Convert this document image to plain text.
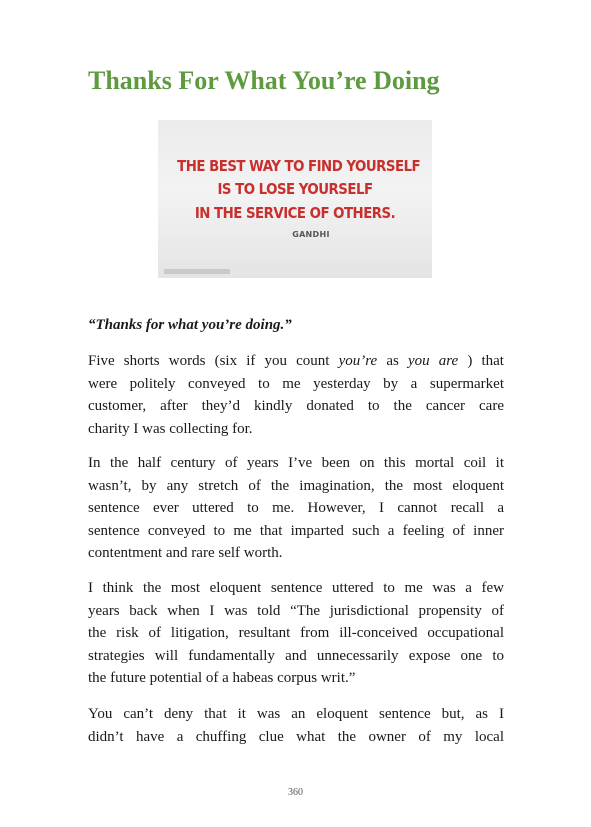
Thanks For What You’re Doing
THE BEST WAY TO FIND YOURSELF
IS TO LOSE YOURSELF
IN THE SERVICE OF OTHERS.
GANDHI

“Thanks for what you’re doing.”

Five shorts words (six if you count you’re as you are ) that
were politely conveyed to me yesterday by a supermarket
customer, after they’d kindly donated to the cancer care
charity I was collecting for.

In the half century of years I’ve been on this mortal coil it
wasn’t, by any stretch of the imagination, the most eloquent
sentence ever uttered to me. However, I cannot recall a
sentence conveyed to me that imparted such a feeling of inner
contentment and rare self worth.

I think the most eloquent sentence uttered to me was a few
years back when I was told “The jurisdictional propensity of
the risk of litigation, resultant from ill-conceived occupational
strategies will fundamentally and unnecessarily expose one to
the future potential of a habeas corpus writ.”

You can’t deny that it was an eloquent sentence but, as I
didn’t have a chuffing clue what the owner of my local

360
